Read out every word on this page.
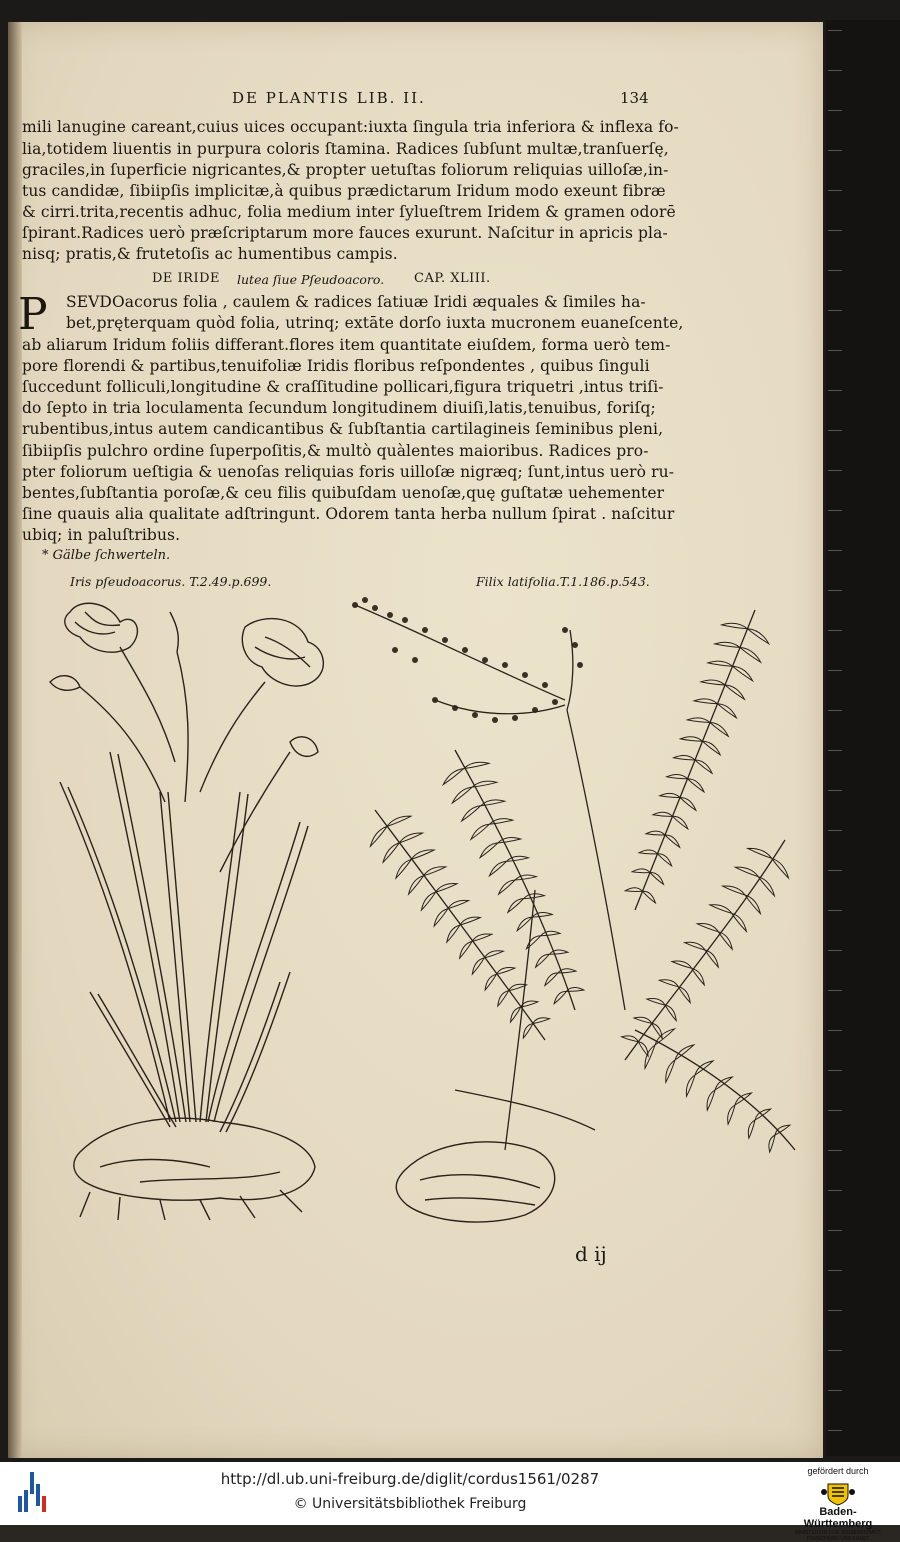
DE PLANTIS LIB. II.	134
mili lanugine careant,cuius uices occupant:iuxta ſingula tria inferiora & inflexa fo-
lia,totidem liuentis in purpura coloris ſtamina. Radices ſubſunt multæ,tranſuerſę,
graciles,in ſuperficie nigricantes,& propter uetuſtas foliorum reliquias uilloſæ,in-
tus candidæ, ſibiipſis implicitæ,à quibus prædictarum Iridum modo exeunt fibræ
& cirri.trita,recentis adhuc, folia medium inter ſylueſtrem Iridem & gramen odorē
ſpirant.Radices uerò præſcriptarum more fauces exurunt. Naſcitur in apricis pla-
nisq; pratis,& frutetoſis ac humentibus campis.
DE IRIDE lutea ſiue Pſeudoacoro. CAP. XLIII.
P SEVDOacorus folia , caulem & radices ſatiuæ Iridi æquales & ſimiles ha-
bet,pręterquam quòd folia, utrinq; extāte dorſo iuxta mucronem euaneſcente,
ab aliarum Iridum foliis differant.flores item quantitate eiuſdem, forma uerò tem-
pore florendi & partibus,tenuifoliæ Iridis floribus reſpondentes , quibus ſinguli
ſuccedunt folliculi,longitudine & craſſitudine pollicari,figura triquetri ,intus triſi-
do ſepto in tria loculamenta ſecundum longitudinem diuiſi,latis,tenuibus, foriſq;
rubentibus,intus autem candicantibus & ſubſtantia cartilagineis ſeminibus pleni,
ſibiipſis pulchro ordine ſuperpoſitis,& multò quàlentes maioribus. Radices pro-
pter foliorum ueſtigia & uenoſas reliquias foris uilloſæ nigræq; ſunt,intus uerò ru-
bentes,ſubſtantia poroſæ,& ceu filis quibuſdam uenoſæ,quę guſtatæ uehementer
ſine quauis alia qualitate adſtringunt. Odorem tanta herba nullum ſpirat . naſcitur
ubiq; in paluſtribus.
* Gälbe ſchwerteln.
Iris pſeudoacorus. T.2.49.p.699.	Filix latifolia.T.1.186.p.543.
d ij
http://dl.ub.uni-freiburg.de/diglit/cordus1561/0287
© Universitätsbibliothek Freiburg
gefördert durch
Baden-Württemberg
MINISTERIUM FÜR WISSENSCHAFT, FORSCHUNG UND KUNST
